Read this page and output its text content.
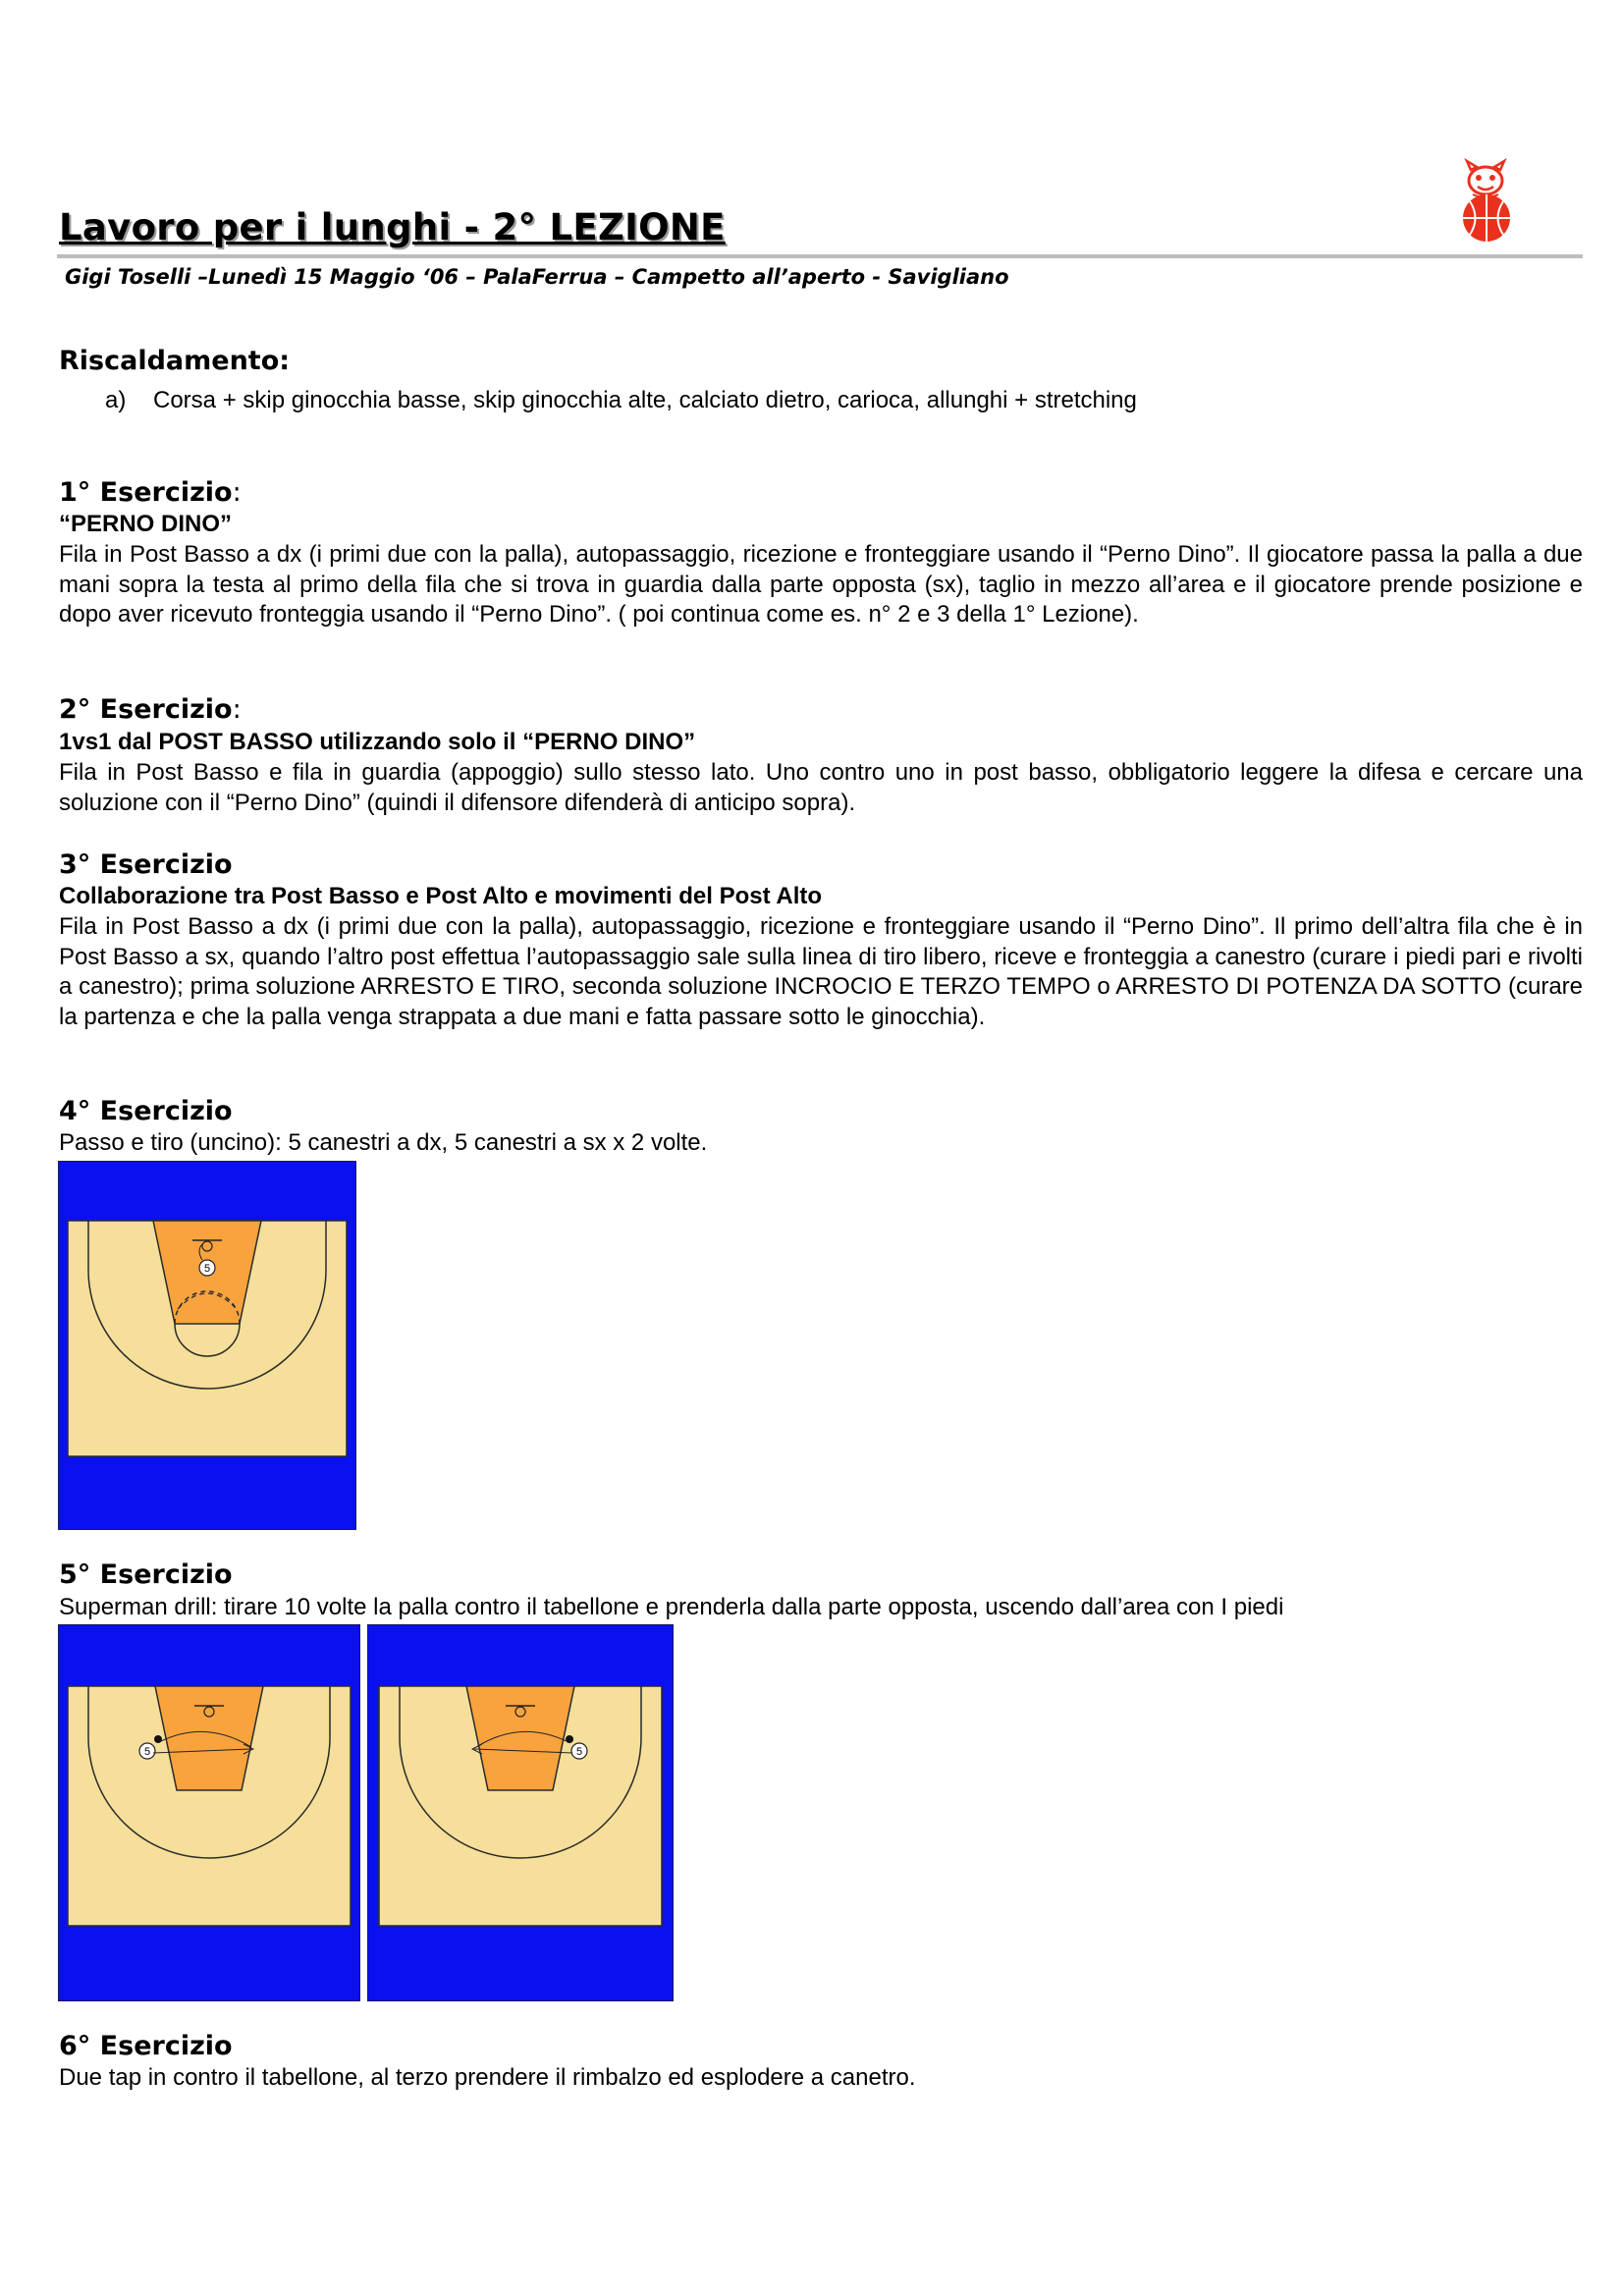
Lavoro per i lunghi - 2° LEZIONE
Gigi Toselli –Lunedì 15 Maggio ‘06 – PalaFerrua – Campetto all’aperto - Savigliano
Riscaldamento:
a) Corsa + skip ginocchia basse, skip ginocchia alte, calciato dietro, carioca, allunghi + stretching
1° Esercizio:
“PERNO DINO”
Fila in Post Basso a dx (i primi due con la palla), autopassaggio, ricezione e fronteggiare usando il “Perno Dino”. Il giocatore passa la palla a due mani sopra la testa al primo della fila che si trova in guardia dalla parte opposta (sx), taglio in mezzo all’area e il giocatore prende posizione e dopo aver ricevuto fronteggia usando il “Perno Dino”. ( poi continua come es. n° 2 e 3 della 1° Lezione).
2° Esercizio:
1vs1 dal POST BASSO utilizzando solo il “PERNO DINO”
Fila in Post Basso e fila in guardia (appoggio) sullo stesso lato. Uno contro uno in post basso, obbligatorio leggere la difesa e cercare una soluzione con il “Perno Dino” (quindi il difensore difenderà di anticipo sopra).
3° Esercizio
Collaborazione tra Post Basso e Post Alto e movimenti del Post Alto
Fila in Post Basso a dx (i primi due con la palla), autopassaggio, ricezione e fronteggiare usando il “Perno Dino”. Il primo dell’altra fila che è in Post Basso a sx, quando l’altro post effettua l’autopassaggio sale sulla linea di tiro libero, riceve e fronteggia a canestro (curare i piedi pari e rivolti a canestro); prima soluzione ARRESTO E TIRO, seconda soluzione INCROCIO E TERZO TEMPO o ARRESTO DI POTENZA DA SOTTO (curare la partenza e che la palla venga strappata a due mani e fatta passare sotto le ginocchia).
4° Esercizio
Passo e tiro (uncino): 5 canestri a dx, 5 canestri a sx x 2 volte.
5
5° Esercizio
Superman drill: tirare 10 volte la palla contro il tabellone e prenderla dalla parte opposta, uscendo dall’area con I piedi
5	5
6° Esercizio
Due tap in contro il tabellone, al terzo prendere il rimbalzo ed esplodere a canetro.
